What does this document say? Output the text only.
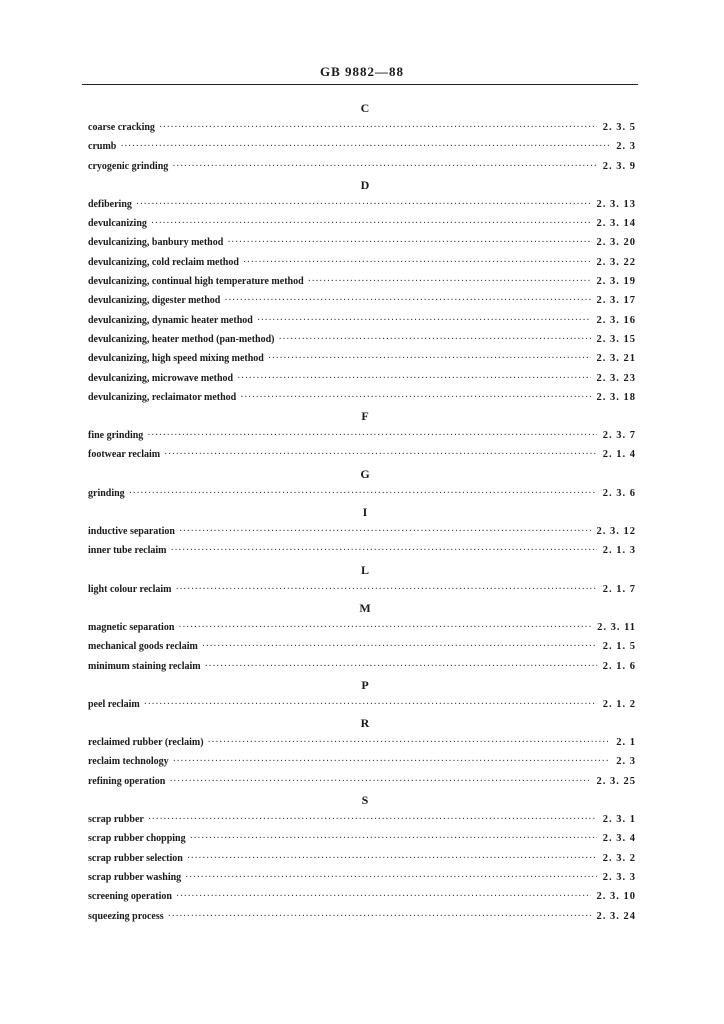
GB 9882—88
C
coarse cracking ·····	2. 3. 5
crumb ·····	2. 3
cryogenic grinding ·····	2. 3. 9
D
defibering ·····	2. 3. 13
devulcanizing ·····	2. 3. 14
devulcanizing, banbury method ·····	2. 3. 20
devulcanizing, cold reclaim method ·····	2. 3. 22
devulcanizing, continual high temperature method ·····	2. 3. 19
devulcanizing, digester method ·····	2. 3. 17
devulcanizing, dynamic heater method ·····	2. 3. 16
devulcanizing, heater method (pan-method) ·····	2. 3. 15
devulcanizing, high speed mixing method ·····	2. 3. 21
devulcanizing, microwave method ·····	2. 3. 23
devulcanizing, reclaimator method ·····	2. 3. 18
F
fine grinding ·····	2. 3. 7
footwear reclaim ·····	2. 1. 4
G
grinding ·····	2. 3. 6
I
inductive separation ·····	2. 3. 12
inner tube reclaim ·····	2. 1. 3
L
light colour reclaim ·····	2. 1. 7
M
magnetic separation ·····	2. 3. 11
mechanical goods reclaim ·····	2. 1. 5
minimum staining reclaim ·····	2. 1. 6
P
peel reclaim ·····	2. 1. 2
R
reclaimed rubber (reclaim) ·····	2. 1
reclaim technology ·····	2. 3
refining operation ·····	2. 3. 25
S
scrap rubber ·····	2. 3. 1
scrap rubber chopping ·····	2. 3. 4
scrap rubber selection ·····	2. 3. 2
scrap rubber washing ·····	2. 3. 3
screening operation ·····	2. 3. 10
squeezing process ·····	2. 3. 24
